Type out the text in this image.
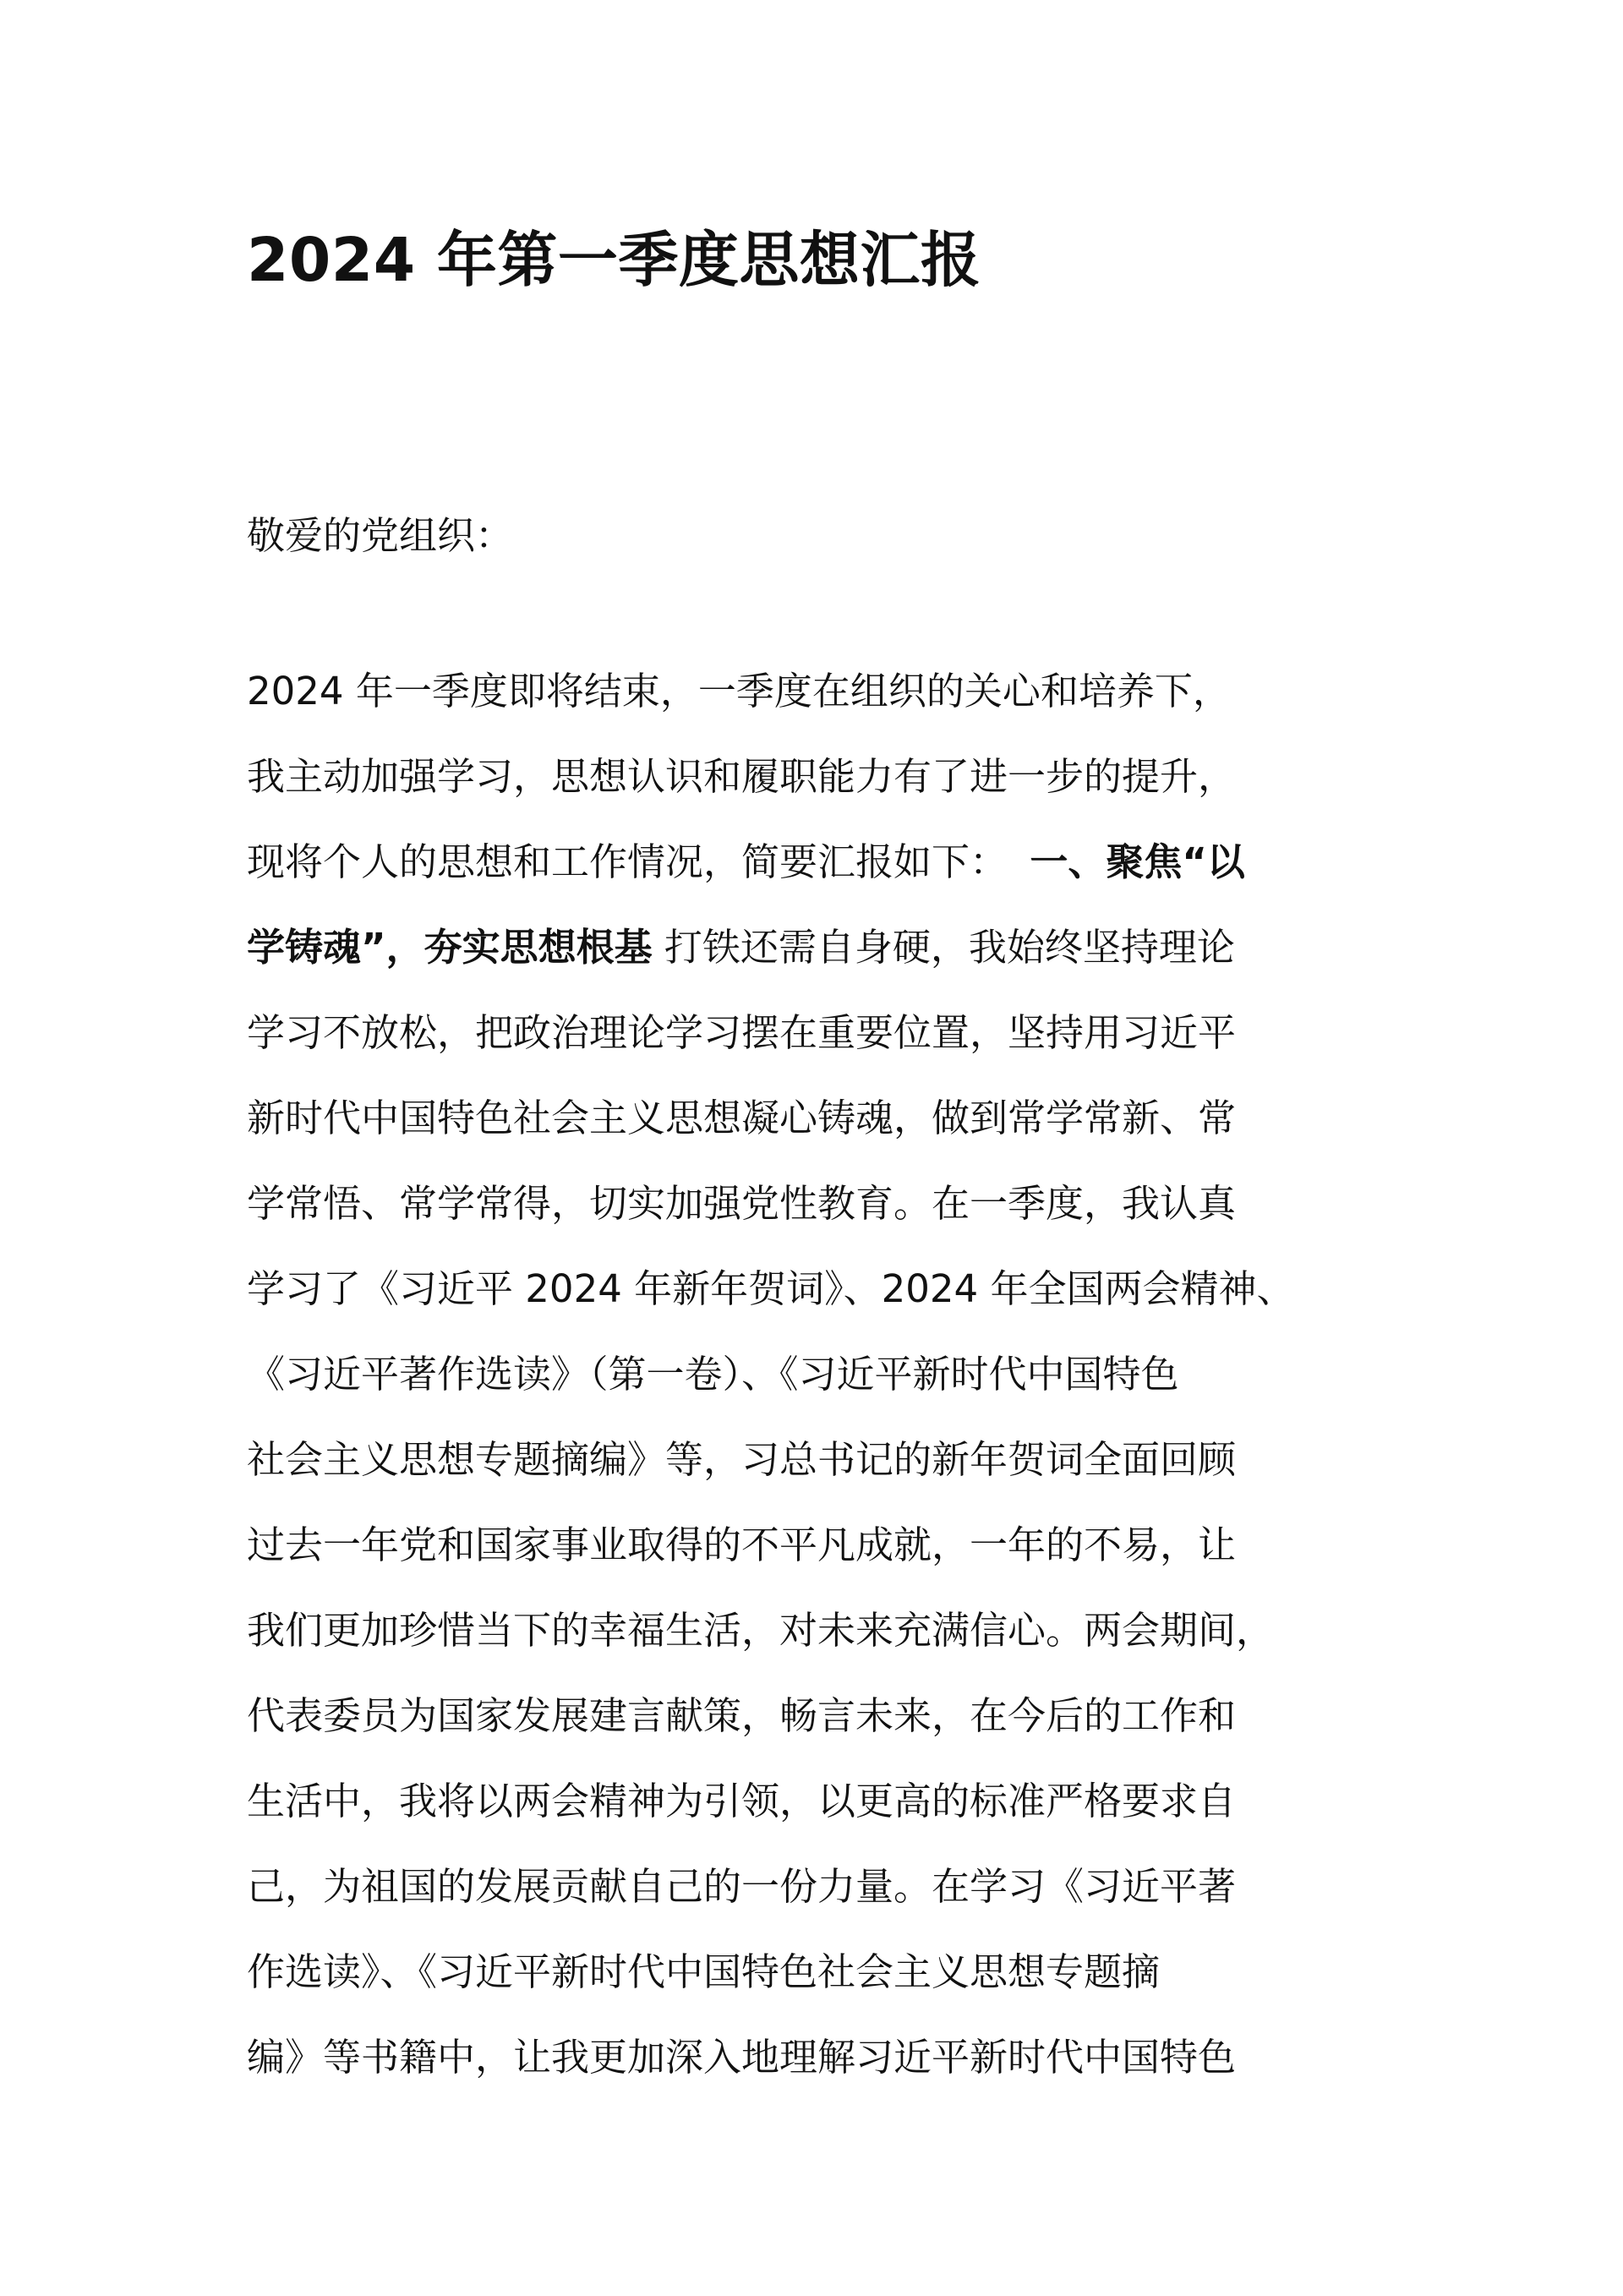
2024 年第一季度思想汇报
敬爱的党组织：
2024 年一季度即将结束，一季度在组织的关心和培养下，
我主动加强学习，思想认识和履职能力有了进一步的提升，
现将个人的思想和工作情况，简要汇报如下： 一、聚焦“以
学铸魂”，夯实思想根基 打铁还需自身硬，我始终坚持理论
学习不放松，把政治理论学习摆在重要位置，坚持用习近平
新时代中国特色社会主义思想凝心铸魂，做到常学常新、常
学常悟、常学常得，切实加强党性教育。在一季度，我认真
学习了《习近平 2024 年新年贺词》、2024 年全国两会精神、
《习近平著作选读》（第一卷）、《习近平新时代中国特色
社会主义思想专题摘编》等，习总书记的新年贺词全面回顾
过去一年党和国家事业取得的不平凡成就，一年的不易，让
我们更加珍惜当下的幸福生活，对未来充满信心。两会期间，
代表委员为国家发展建言献策，畅言未来，在今后的工作和
生活中，我将以两会精神为引领，以更高的标准严格要求自
己，为祖国的发展贡献自己的一份力量。在学习《习近平著
作选读》、《习近平新时代中国特色社会主义思想专题摘
编》等书籍中，让我更加深入地理解习近平新时代中国特色
